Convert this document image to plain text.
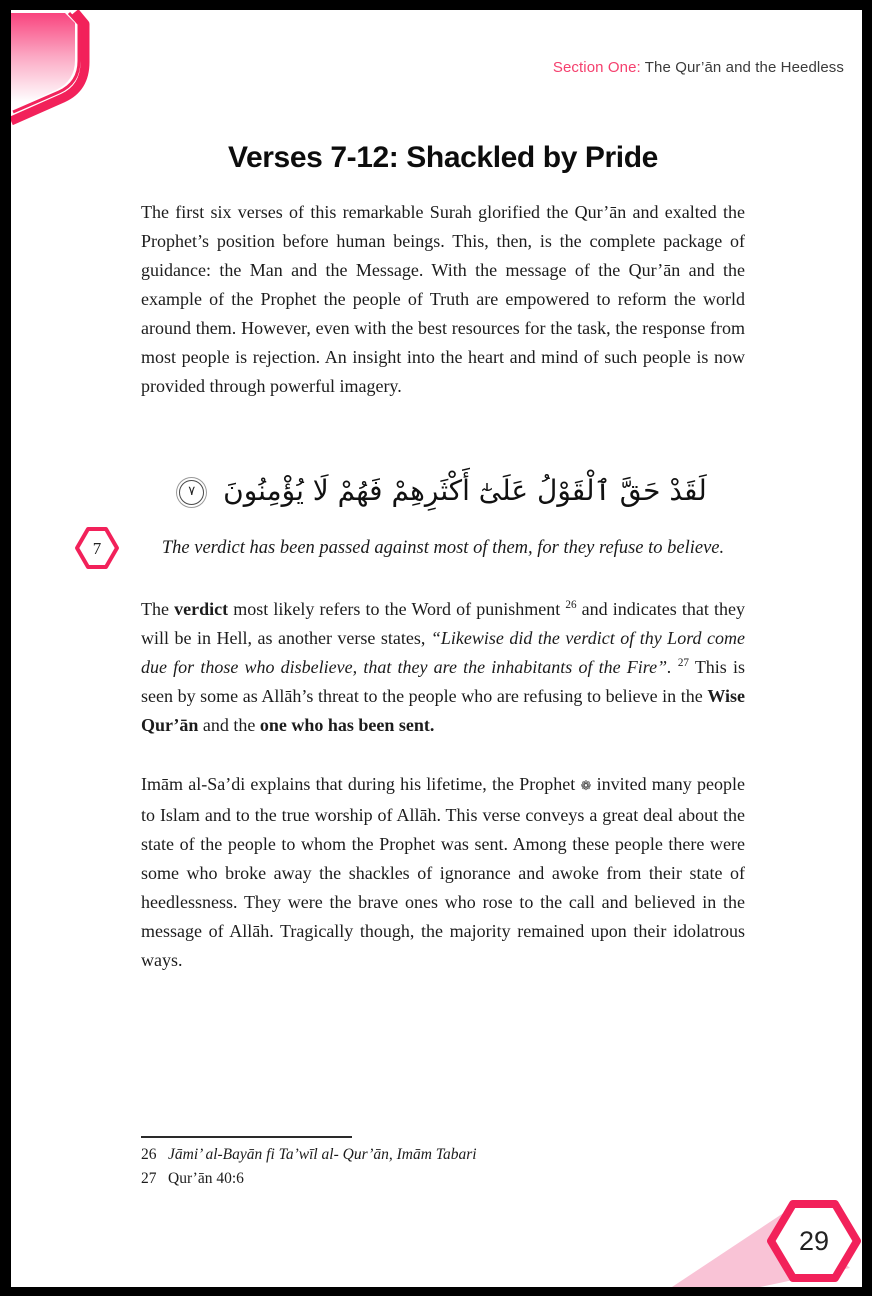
Section One: The Qur’ān and the Heedless
Verses 7-12: Shackled by Pride
The first six verses of this remarkable Surah glorified the Qur’ān and exalted the Prophet’s position before human beings. This, then, is the complete package of guidance: the Man and the Message. With the message of the Qur’ān and the example of the Prophet the people of Truth are empowered to reform the world around them. However, even with the best resources for the task, the response from most people is rejection. An insight into the heart and mind of such people is now provided through powerful imagery.
لَقَدْ حَقَّ ٱلْقَوْلُ عَلَىٰٓ أَكْثَرِهِمْ فَهُمْ لَا يُؤْمِنُونَ
٧
7	The verdict has been passed against most of them, for they refuse to believe.
The verdict most likely refers to the Word of punishment $^{26}$ and indicates that they will be in Hell, as another verse states, “Likewise did the verdict of thy Lord come due for those who disbelieve, that they are the inhabitants of the Fire”. $^{27}$ This is seen by some as Allāh’s threat to the people who are refusing to believe in the Wise Qur’ān and the one who has been sent.
Imām al-Sa’di explains that during his lifetime, the Prophet ❁ invited many people to Islam and to the true worship of Allāh. This verse conveys a great deal about the state of the people to whom the Prophet was sent. Among these people there were some who broke away the shackles of ignorance and awoke from their state of heedlessness. They were the brave ones who rose to the call and believed in the message of Allāh. Tragically though, the majority remained upon their idolatrous ways.
26 Jāmi’ al-Bayān fi Ta’wīl al- Qur’ān, Imām Tabari
27 Qur’ān 40:6
29
